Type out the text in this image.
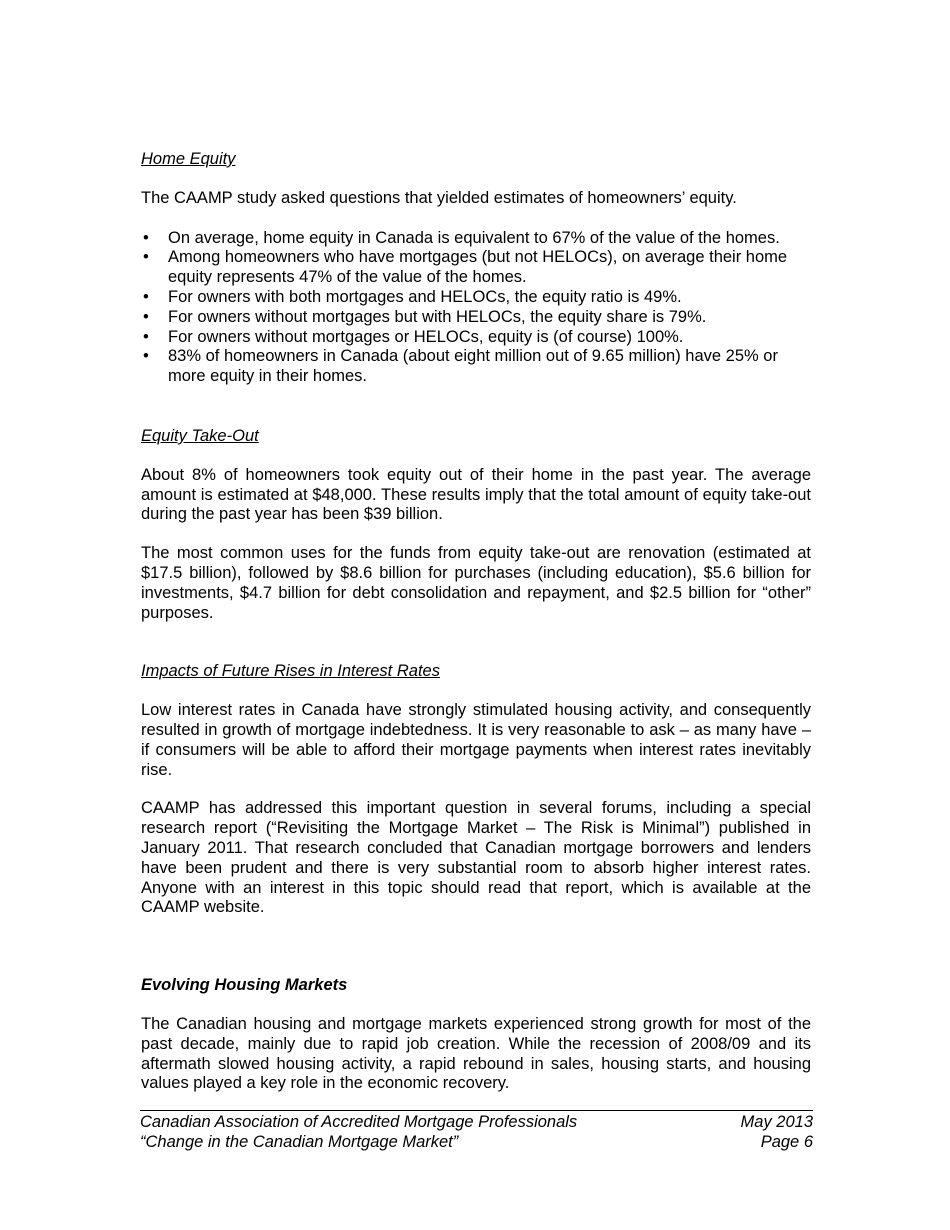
Home Equity

The CAAMP study asked questions that yielded estimates of homeowners’ equity.

• On average, home equity in Canada is equivalent to 67% of the value of the homes.
• Among homeowners who have mortgages (but not HELOCs), on average their home equity represents 47% of the value of the homes.
• For owners with both mortgages and HELOCs, the equity ratio is 49%.
• For owners without mortgages but with HELOCs, the equity share is 79%.
• For owners without mortgages or HELOCs, equity is (of course) 100%.
• 83% of homeowners in Canada (about eight million out of 9.65 million) have 25% or more equity in their homes.
Equity Take-Out

About 8% of homeowners took equity out of their home in the past year. The average amount is estimated at $48,000. These results imply that the total amount of equity take-out during the past year has been $39 billion.

The most common uses for the funds from equity take-out are renovation (estimated at $17.5 billion), followed by $8.6 billion for purchases (including education), $5.6 billion for investments, $4.7 billion for debt consolidation and repayment, and $2.5 billion for “other” purposes.

Impacts of Future Rises in Interest Rates

Low interest rates in Canada have strongly stimulated housing activity, and consequently resulted in growth of mortgage indebtedness. It is very reasonable to ask – as many have – if consumers will be able to afford their mortgage payments when interest rates inevitably rise.

CAAMP has addressed this important question in several forums, including a special research report (“Revisiting the Mortgage Market – The Risk is Minimal”) published in January 2011. That research concluded that Canadian mortgage borrowers and lenders have been prudent and there is very substantial room to absorb higher interest rates. Anyone with an interest in this topic should read that report, which is available at the CAAMP website.

Evolving Housing Markets

The Canadian housing and mortgage markets experienced strong growth for most of the past decade, mainly due to rapid job creation. While the recession of 2008/09 and its aftermath slowed housing activity, a rapid rebound in sales, housing starts, and housing values played a key role in the economic recovery.

Canadian Association of Accredited Mortgage Professionals	May 2013
“Change in the Canadian Mortgage Market”	Page 6
